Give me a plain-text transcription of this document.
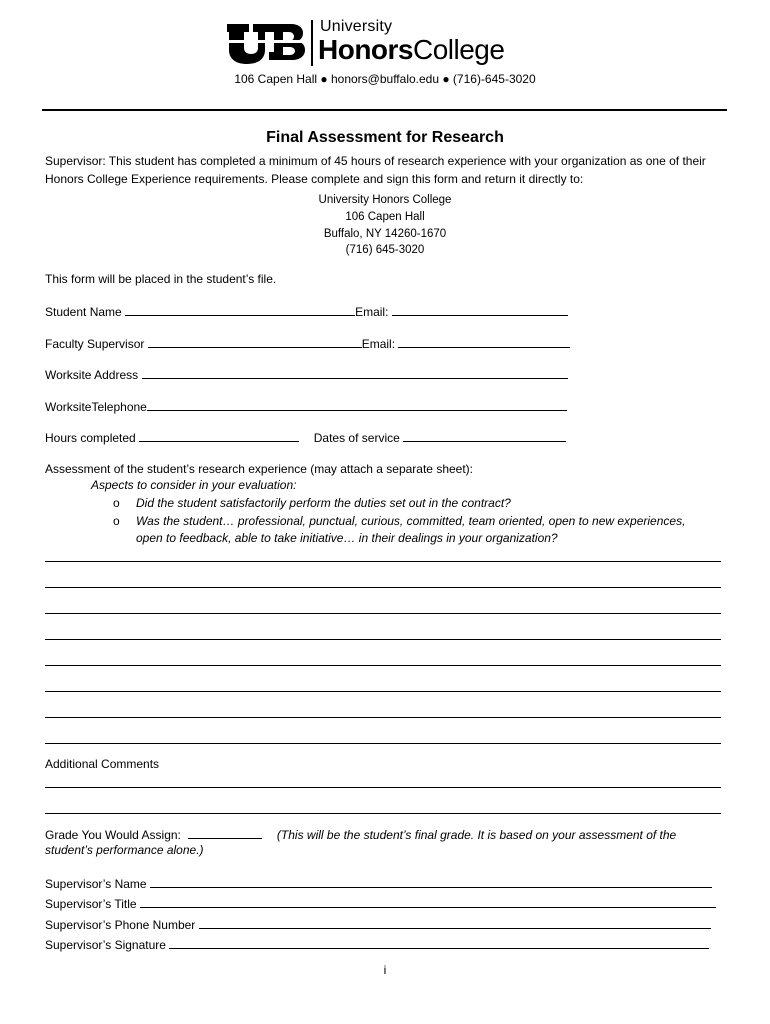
University
HonorsCollege
106 Capen Hall ● honors@buffalo.edu ● (716)-645-3020
Final Assessment for Research
Supervisor: This student has completed a minimum of 45 hours of research experience with your organization as one of their Honors College Experience requirements. Please complete and sign this form and return it directly to:
University Honors College
106 Capen Hall
Buffalo, NY 14260-1670
(716) 645-3020
This form will be placed in the student’s file.
Student Name	Email:
Faculty Supervisor	Email:
Worksite Address
WorksiteTelephone
Hours completed	Dates of service
Assessment of the student’s research experience (may attach a separate sheet):
Aspects to consider in your evaluation:
o Did the student satisfactorily perform the duties set out in the contract?
o Was the student… professional, punctual, curious, committed, team oriented, open to new experiences,
open to feedback, able to take initiative… in their dealings in your organization?
Additional Comments
Grade You Would Assign:	(This will be the student’s final grade. It is based on your assessment of the
student’s performance alone.)
Supervisor’s Name
Supervisor’s Title
Supervisor’s Phone Number
Supervisor’s Signature
i
